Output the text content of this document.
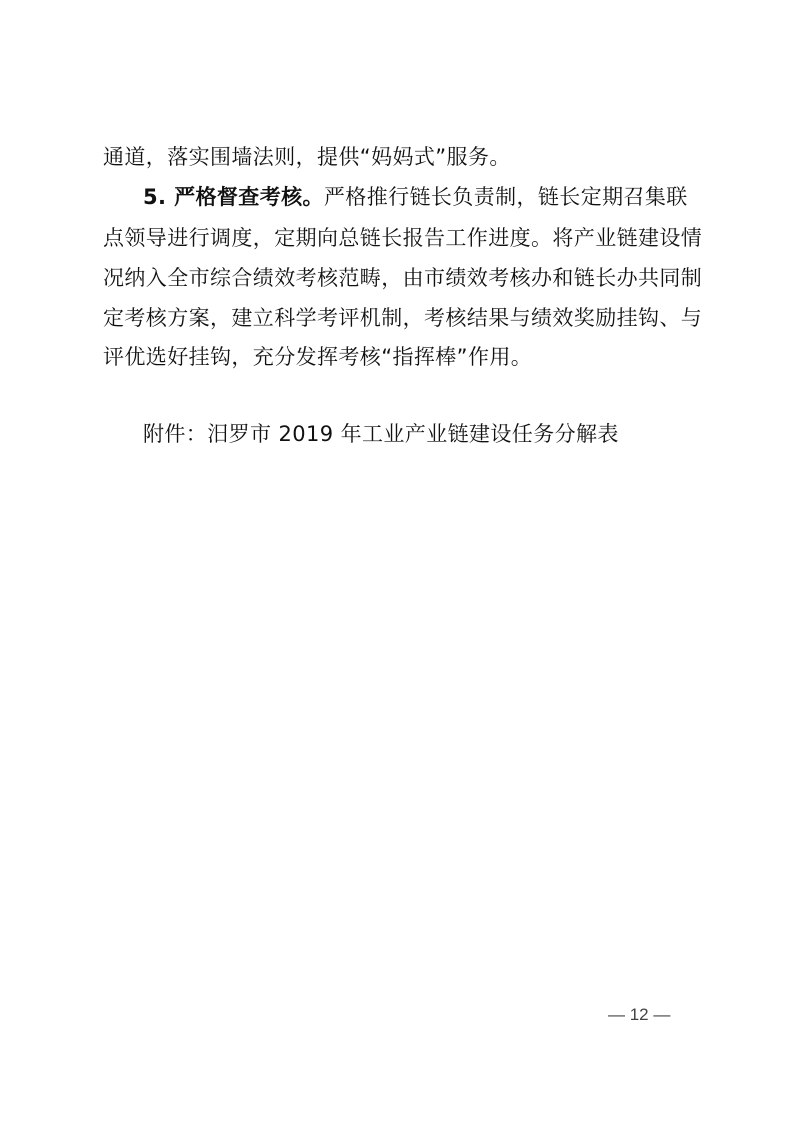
通道，落实围墙法则，提供“妈妈式”服务。
5. 严格督查考核。严格推行链长负责制，链长定期召集联
点领导进行调度，定期向总链长报告工作进度。将产业链建设情
况纳入全市综合绩效考核范畴，由市绩效考核办和链长办共同制
定考核方案，建立科学考评机制，考核结果与绩效奖励挂钩、与
评优选好挂钩，充分发挥考核“指挥棒”作用。
附件：汨罗市 2019 年工业产业链建设任务分解表
— 12 —
